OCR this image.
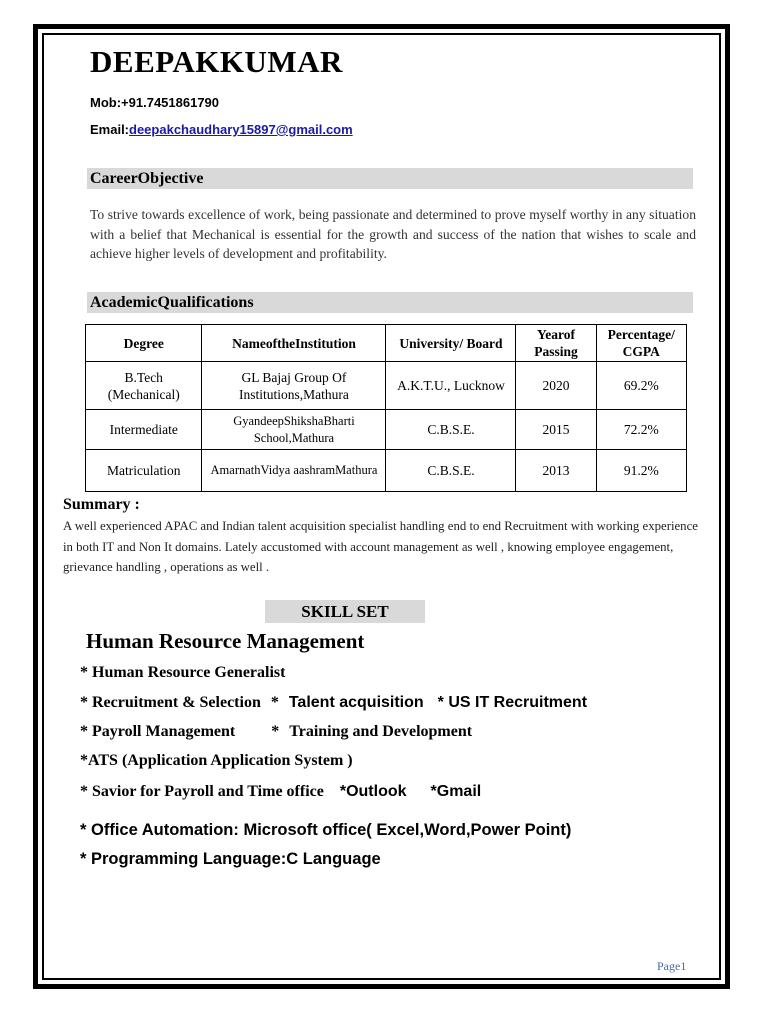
DEEPAKKUMAR
Mob:+91.7451861790
Email:deepakchaudhary15897@gmail.com
CareerObjective
To strive towards excellence of work, being passionate and determined to prove myself worthy in any situation with a belief that Mechanical is essential for the growth and success of the nation that wishes to scale and achieve higher levels of development and profitability.
AcademicQualifications
Degree	NameoftheInstitution	University/ Board	Yearof Passing	Percentage/ CGPA
B.Tech (Mechanical)	GL Bajaj Group Of Institutions,Mathura	A.K.T.U., Lucknow	2020	69.2%
Intermediate	GyandeepShikshaBharti School,Mathura	C.B.S.E.	2015	72.2%
Matriculation	AmarnathVidya aashramMathura	C.B.S.E.	2013	91.2%
Summary :
A well experienced APAC and Indian talent acquisition specialist handling end to end Recruitment with working experience in both IT and Non It domains. Lately accustomed with account management as well , knowing employee engagement, grievance handling , operations as well .
SKILL SET
Human Resource Management
* Human Resource Generalist
* Recruitment & Selection * Talent acquisition * US IT Recruitment
* Payroll Management * Training and Development
*ATS (Application Application System )
* Savior for Payroll and Time office *Outlook *Gmail
* Office Automation: Microsoft office( Excel,Word,Power Point)
* Programming Language:C Language
Page1
